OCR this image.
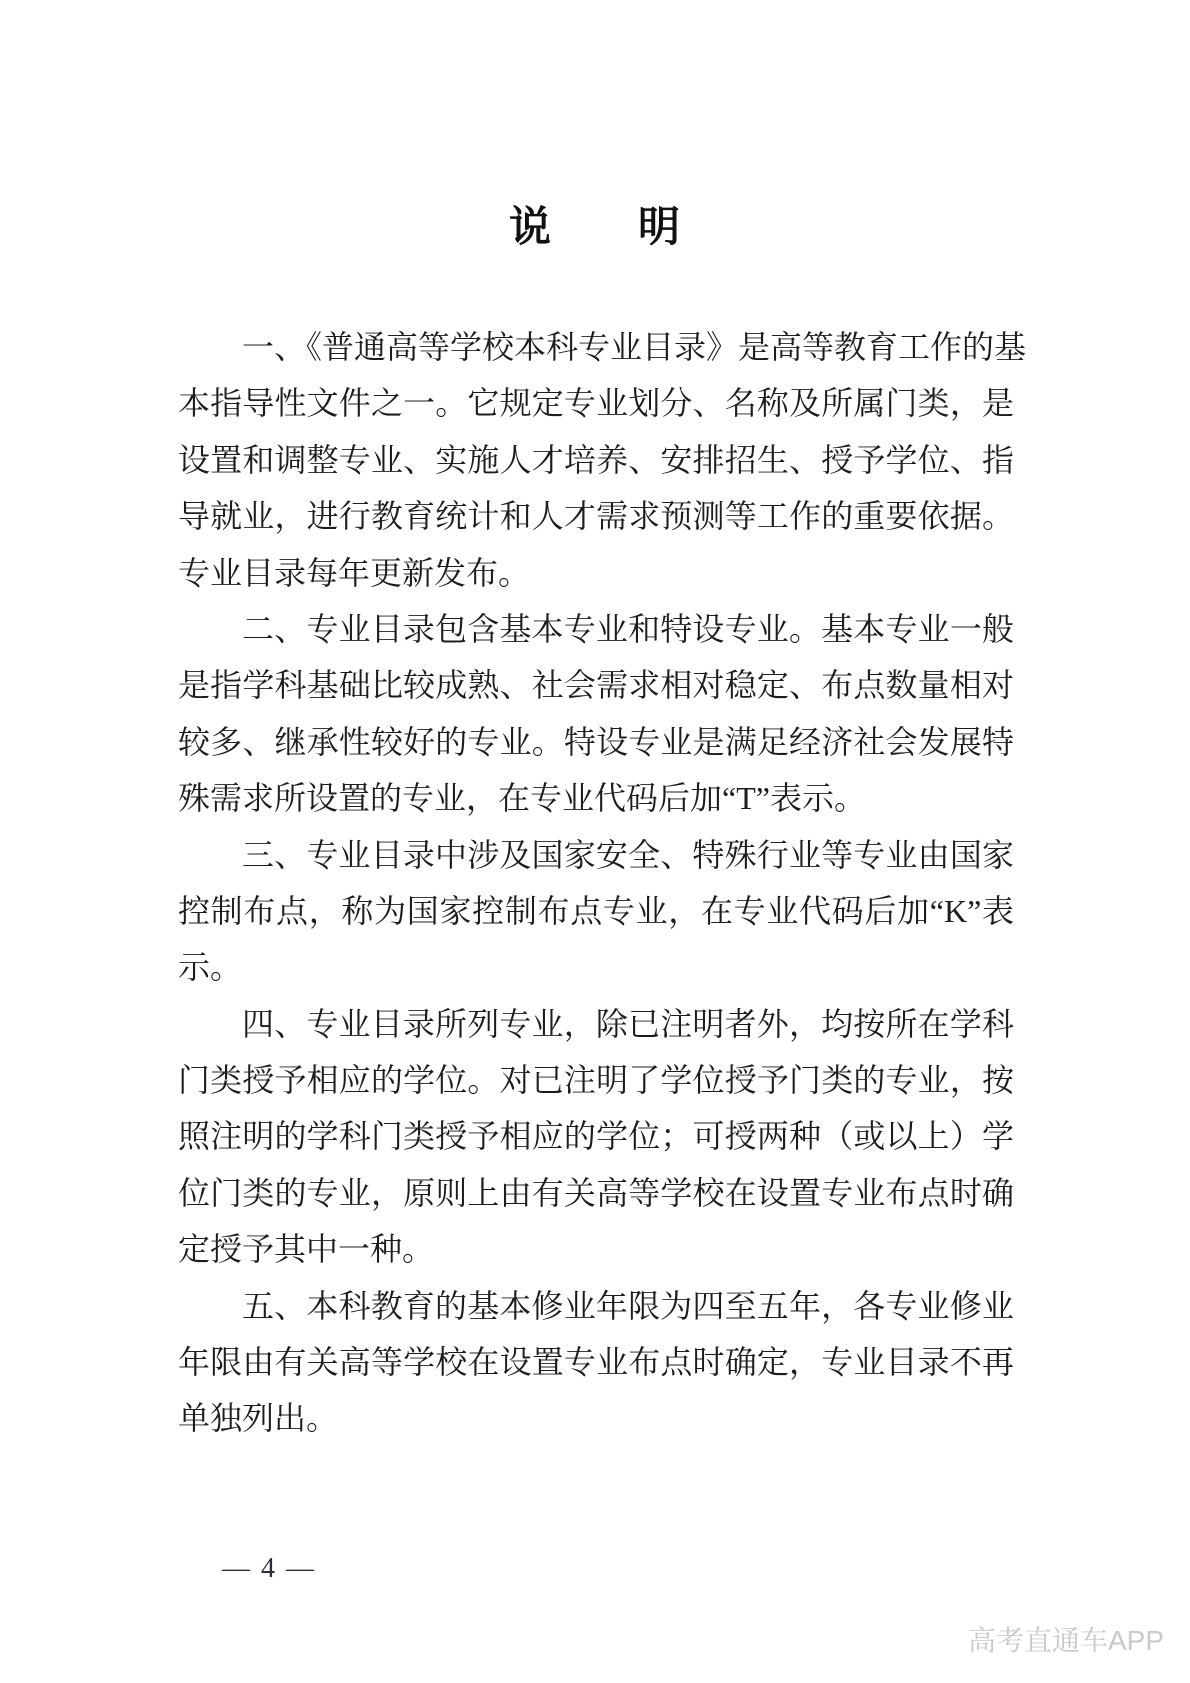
说　　明
一、《普通高等学校本科专业目录》是高等教育工作的基
本指导性文件之一。它规定专业划分、名称及所属门类，是
设置和调整专业、实施人才培养、安排招生、授予学位、指
导就业，进行教育统计和人才需求预测等工作的重要依据。
专业目录每年更新发布。
二、专业目录包含基本专业和特设专业。基本专业一般
是指学科基础比较成熟、社会需求相对稳定、布点数量相对
较多、继承性较好的专业。特设专业是满足经济社会发展特
殊需求所设置的专业，在专业代码后加“T”表示。
三、专业目录中涉及国家安全、特殊行业等专业由国家
控制布点，称为国家控制布点专业，在专业代码后加“K”表
示。
四、专业目录所列专业，除已注明者外，均按所在学科
门类授予相应的学位。对已注明了学位授予门类的专业，按
照注明的学科门类授予相应的学位；可授两种（或以上）学
位门类的专业，原则上由有关高等学校在设置专业布点时确
定授予其中一种。
五、本科教育的基本修业年限为四至五年，各专业修业
年限由有关高等学校在设置专业布点时确定，专业目录不再
单独列出。
— 4 —
高考直通车APP
